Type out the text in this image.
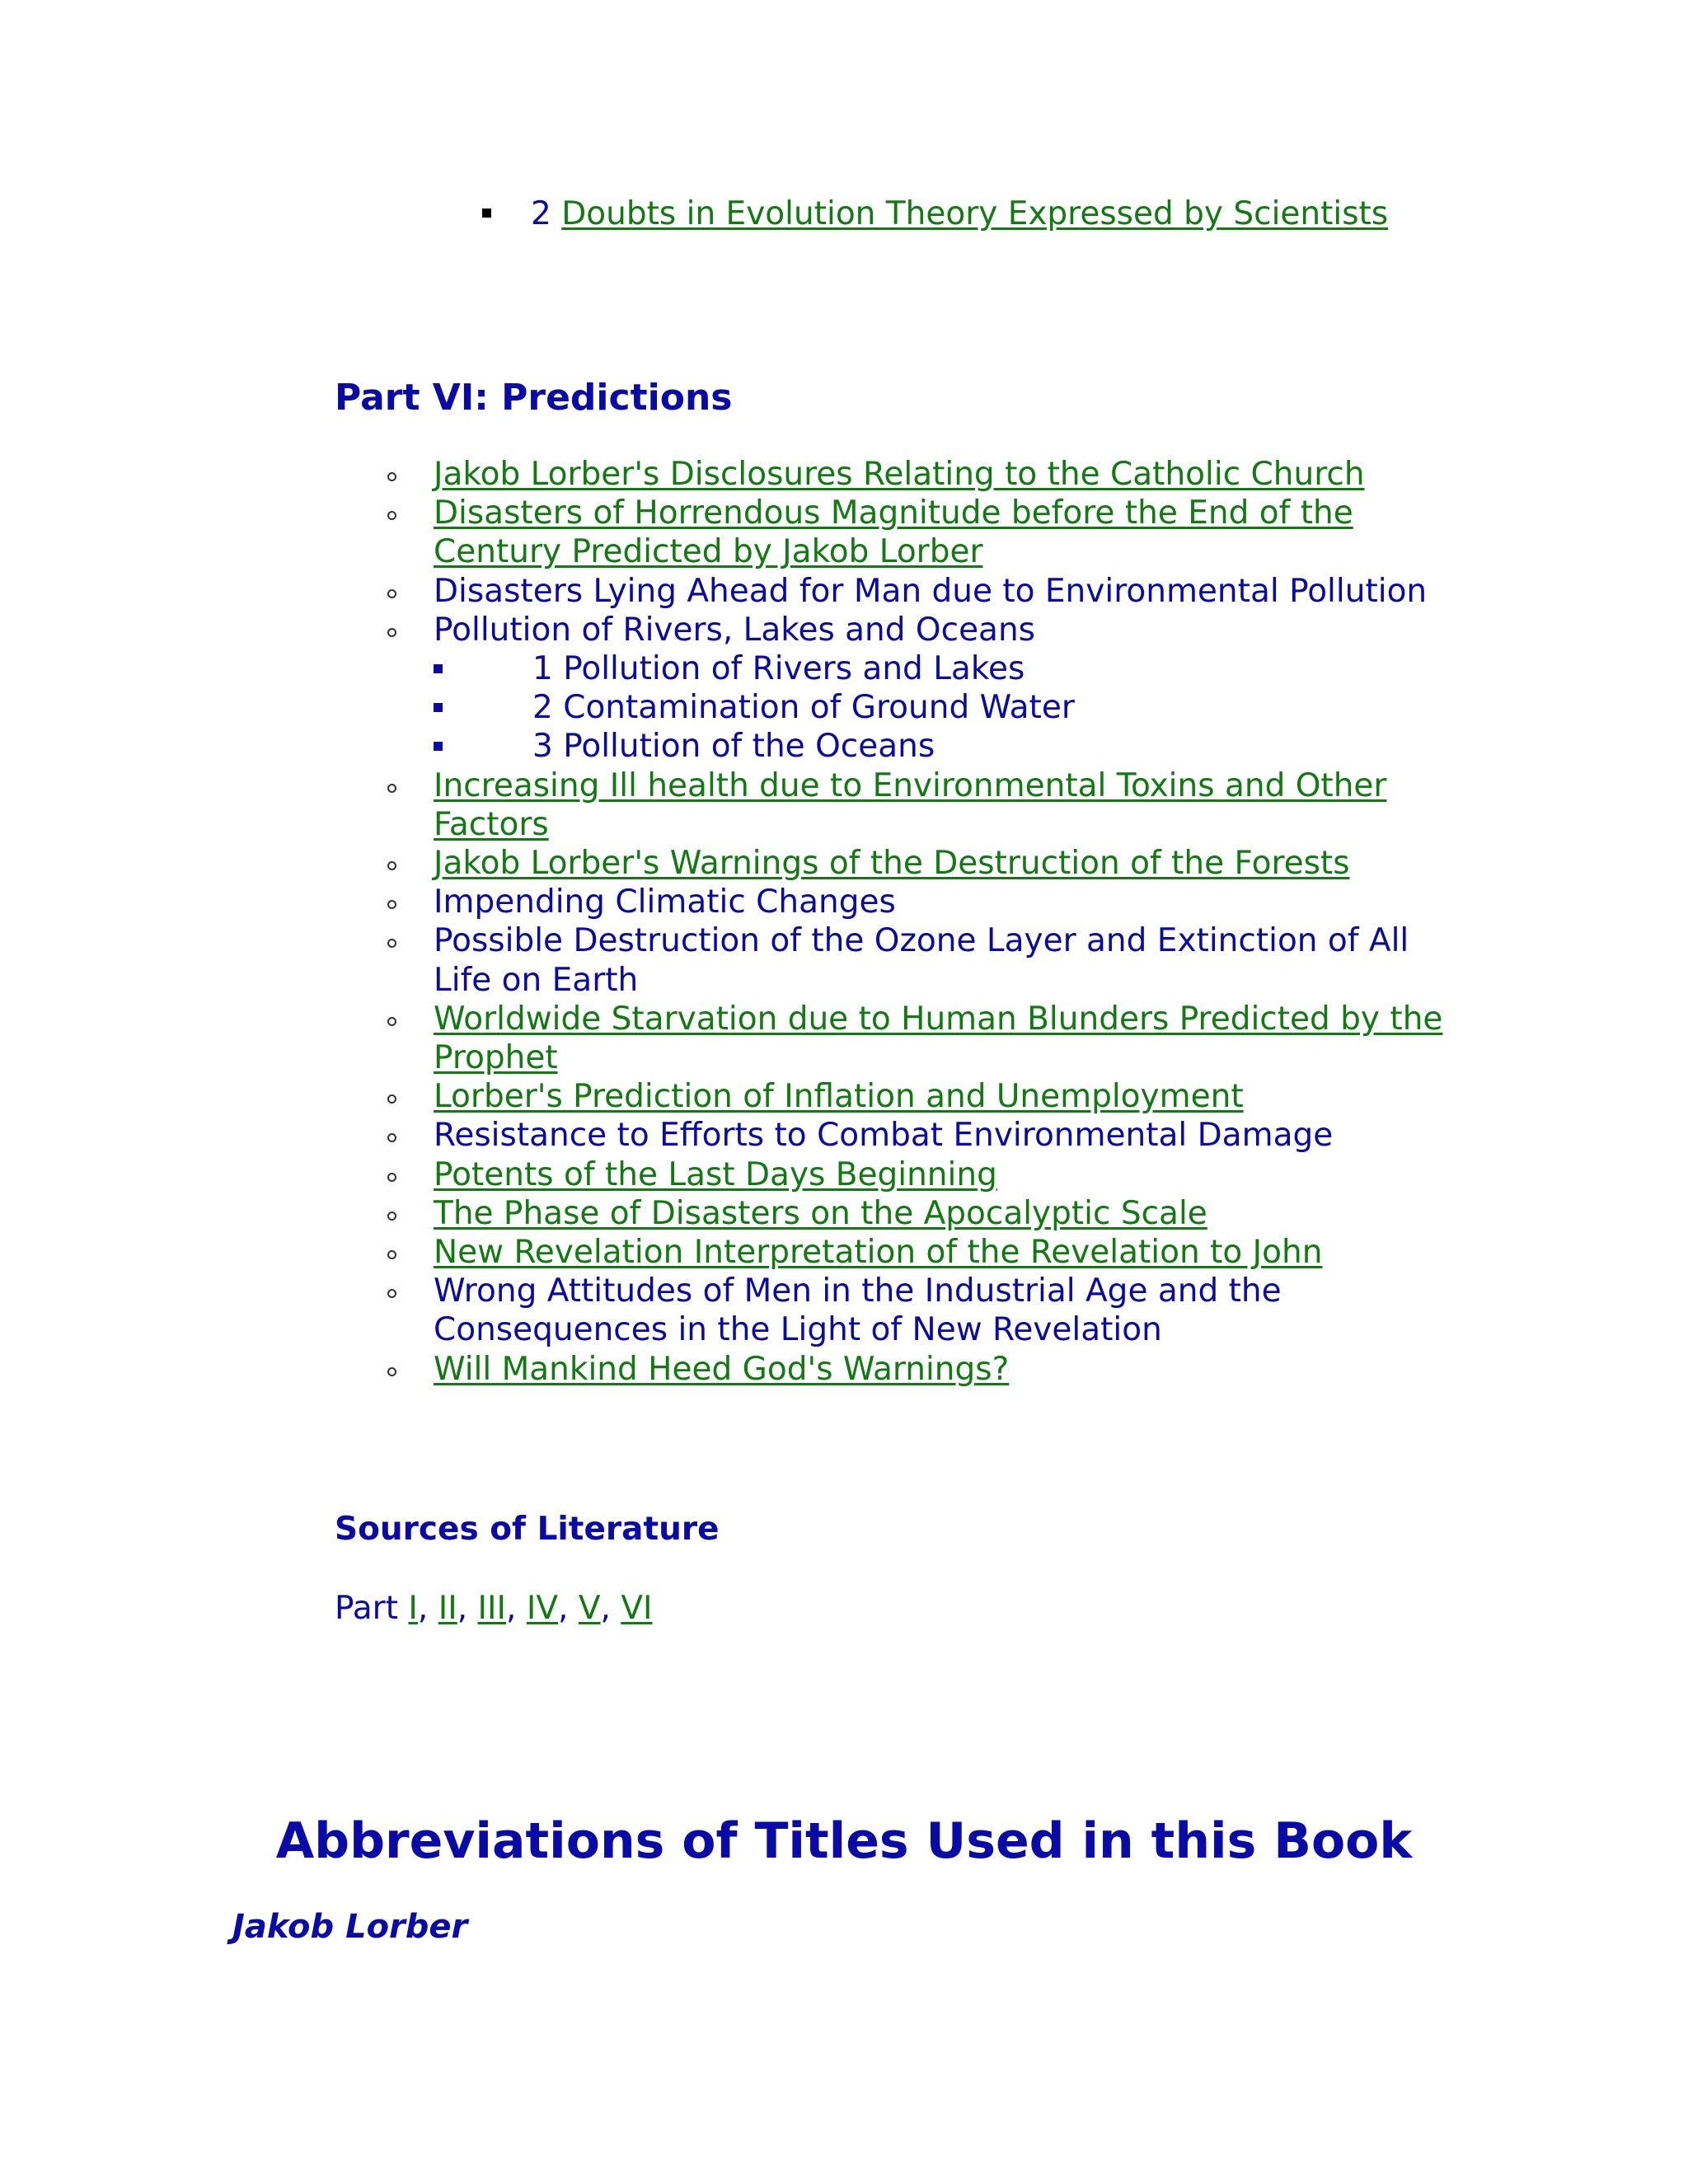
2 Doubts in Evolution Theory Expressed by Scientists
Part VI: Predictions
Jakob Lorber's Disclosures Relating to the Catholic Church
Disasters of Horrendous Magnitude before the End of the Century Predicted by Jakob Lorber
Disasters Lying Ahead for Man due to Environmental Pollution
Pollution of Rivers, Lakes and Oceans
1 Pollution of Rivers and Lakes
2 Contamination of Ground Water
3 Pollution of the Oceans
Increasing Ill health due to Environmental Toxins and Other Factors
Jakob Lorber's Warnings of the Destruction of the Forests
Impending Climatic Changes
Possible Destruction of the Ozone Layer and Extinction of All Life on Earth
Worldwide Starvation due to Human Blunders Predicted by the Prophet
Lorber's Prediction of Inflation and Unemployment
Resistance to Efforts to Combat Environmental Damage
Potents of the Last Days Beginning
The Phase of Disasters on the Apocalyptic Scale
New Revelation Interpretation of the Revelation to John
Wrong Attitudes of Men in the Industrial Age and the Consequences in the Light of New Revelation
Will Mankind Heed God's Warnings?
Sources of Literature
Part I, II, III, IV, V, VI
Abbreviations of Titles Used in this Book
Jakob Lorber
